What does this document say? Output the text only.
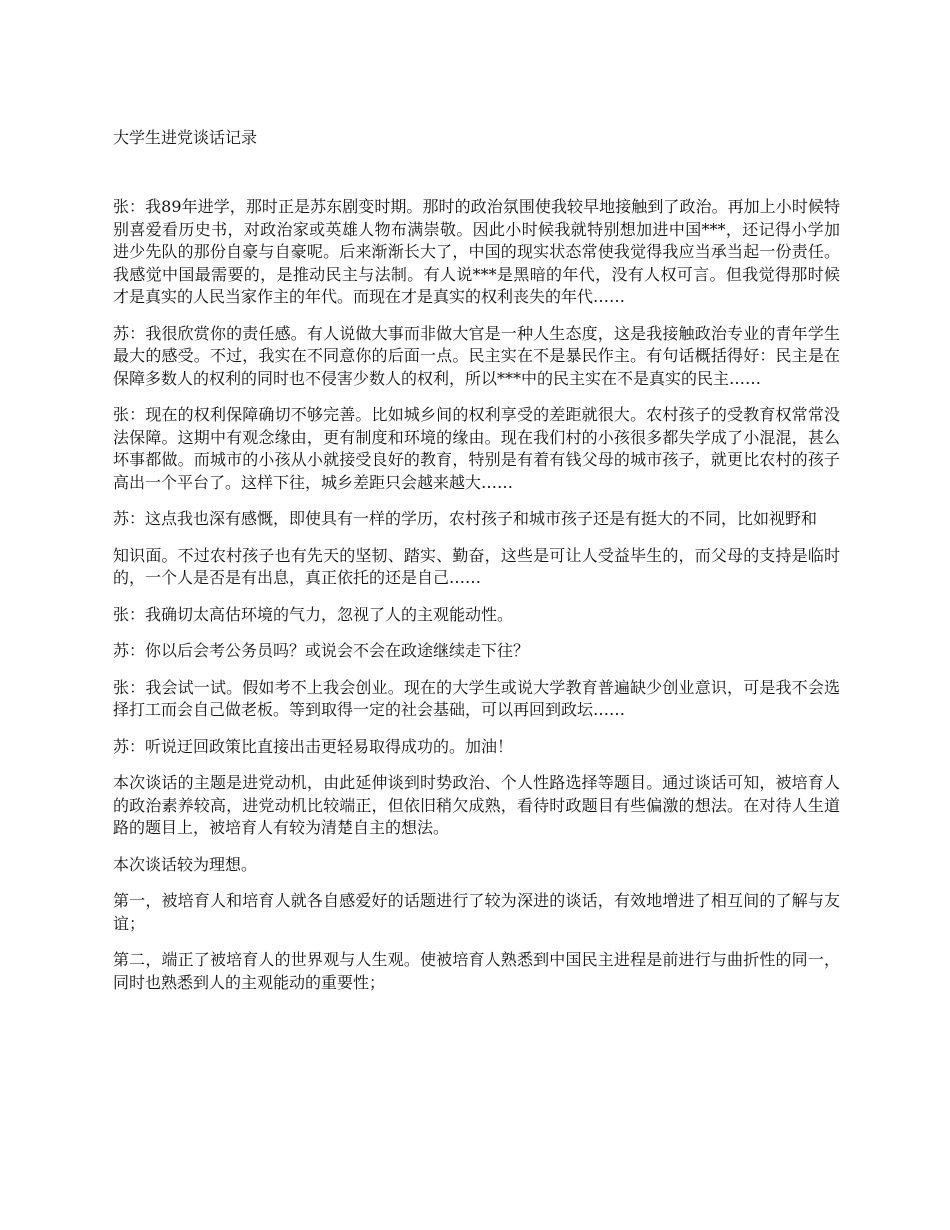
大学生进党谈话记录

张：我89年进学，那时正是苏东剧变时期。那时的政治氛围使我较早地接触到了政治。再加上小时候特别喜爱看历史书，对政治家或英雄人物布满崇敬。因此小时候我就特别想加进中国***，还记得小学加进少先队的那份自豪与自豪呢。后来渐渐长大了，中国的现实状态常使我觉得我应当承当起一份责任。我感觉中国最需要的，是推动民主与法制。有人说***是黑暗的年代，没有人权可言。但我觉得那时候才是真实的人民当家作主的年代。而现在才是真实的权利丧失的年代……

苏：我很欣赏你的责任感。有人说做大事而非做大官是一种人生态度，这是我接触政治专业的青年学生最大的感受。不过，我实在不同意你的后面一点。民主实在不是暴民作主。有句话概括得好：民主是在保障多数人的权利的同时也不侵害少数人的权利，所以***中的民主实在不是真实的民主……

张：现在的权利保障确切不够完善。比如城乡间的权利享受的差距就很大。农村孩子的受教育权常常没法保障。这期中有观念缘由，更有制度和环境的缘由。现在我们村的小孩很多都失学成了小混混，甚么坏事都做。而城市的小孩从小就接受良好的教育，特别是有着有钱父母的城市孩子，就更比农村的孩子高出一个平台了。这样下往，城乡差距只会越来越大……

苏：这点我也深有感慨，即使具有一样的学历，农村孩子和城市孩子还是有挺大的不同，比如视野和

知识面。不过农村孩子也有先天的坚韧、踏实、勤奋，这些是可让人受益毕生的，而父母的支持是临时的，一个人是否是有出息，真正依托的还是自己……

张：我确切太高估环境的气力，忽视了人的主观能动性。

苏：你以后会考公务员吗？或说会不会在政途继续走下往？

张：我会试一试。假如考不上我会创业。现在的大学生或说大学教育普遍缺少创业意识，可是我不会选择打工而会自己做老板。等到取得一定的社会基础，可以再回到政坛……

苏：听说迂回政策比直接出击更轻易取得成功的。加油！

本次谈话的主题是进党动机，由此延伸谈到时势政治、个人性路选择等题目。通过谈话可知，被培育人的政治素养较高，进党动机比较端正，但依旧稍欠成熟，看待时政题目有些偏激的想法。在对待人生道路的题目上，被培育人有较为清楚自主的想法。

本次谈话较为理想。

第一，被培育人和培育人就各自感爱好的话题进行了较为深进的谈话，有效地增进了相互间的了解与友谊；

第二，端正了被培育人的世界观与人生观。使被培育人熟悉到中国民主进程是前进行与曲折性的同一，同时也熟悉到人的主观能动的重要性；
